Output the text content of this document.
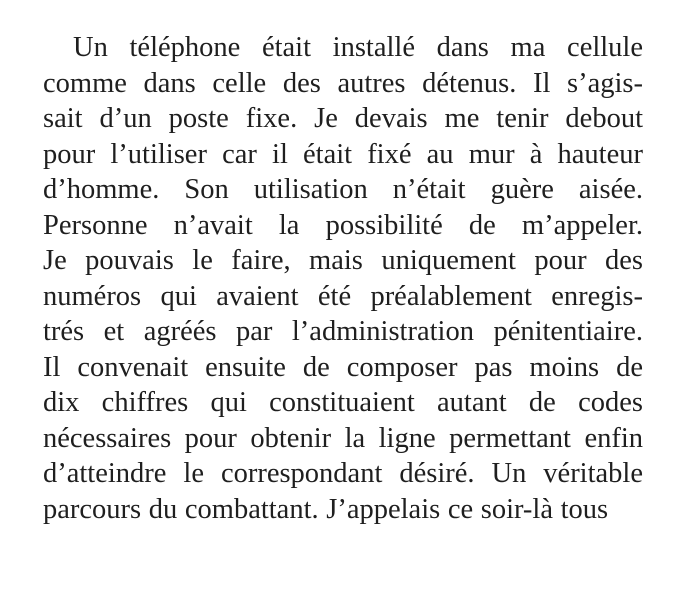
Un téléphone était installé dans ma cellule
comme dans celle des autres détenus. Il s’agis-
sait d’un poste fixe. Je devais me tenir debout
pour l’utiliser car il était fixé au mur à hauteur
d’homme. Son utilisation n’était guère aisée.
Personne n’avait la possibilité de m’appeler.
Je pouvais le faire, mais uniquement pour des
numéros qui avaient été préalablement enregis-
trés et agréés par l’administration pénitentiaire.
Il convenait ensuite de composer pas moins de
dix chiffres qui constituaient autant de codes
nécessaires pour obtenir la ligne permettant enfin
d’atteindre le correspondant désiré. Un véritable
parcours du combattant. J’appelais ce soir-là tous
